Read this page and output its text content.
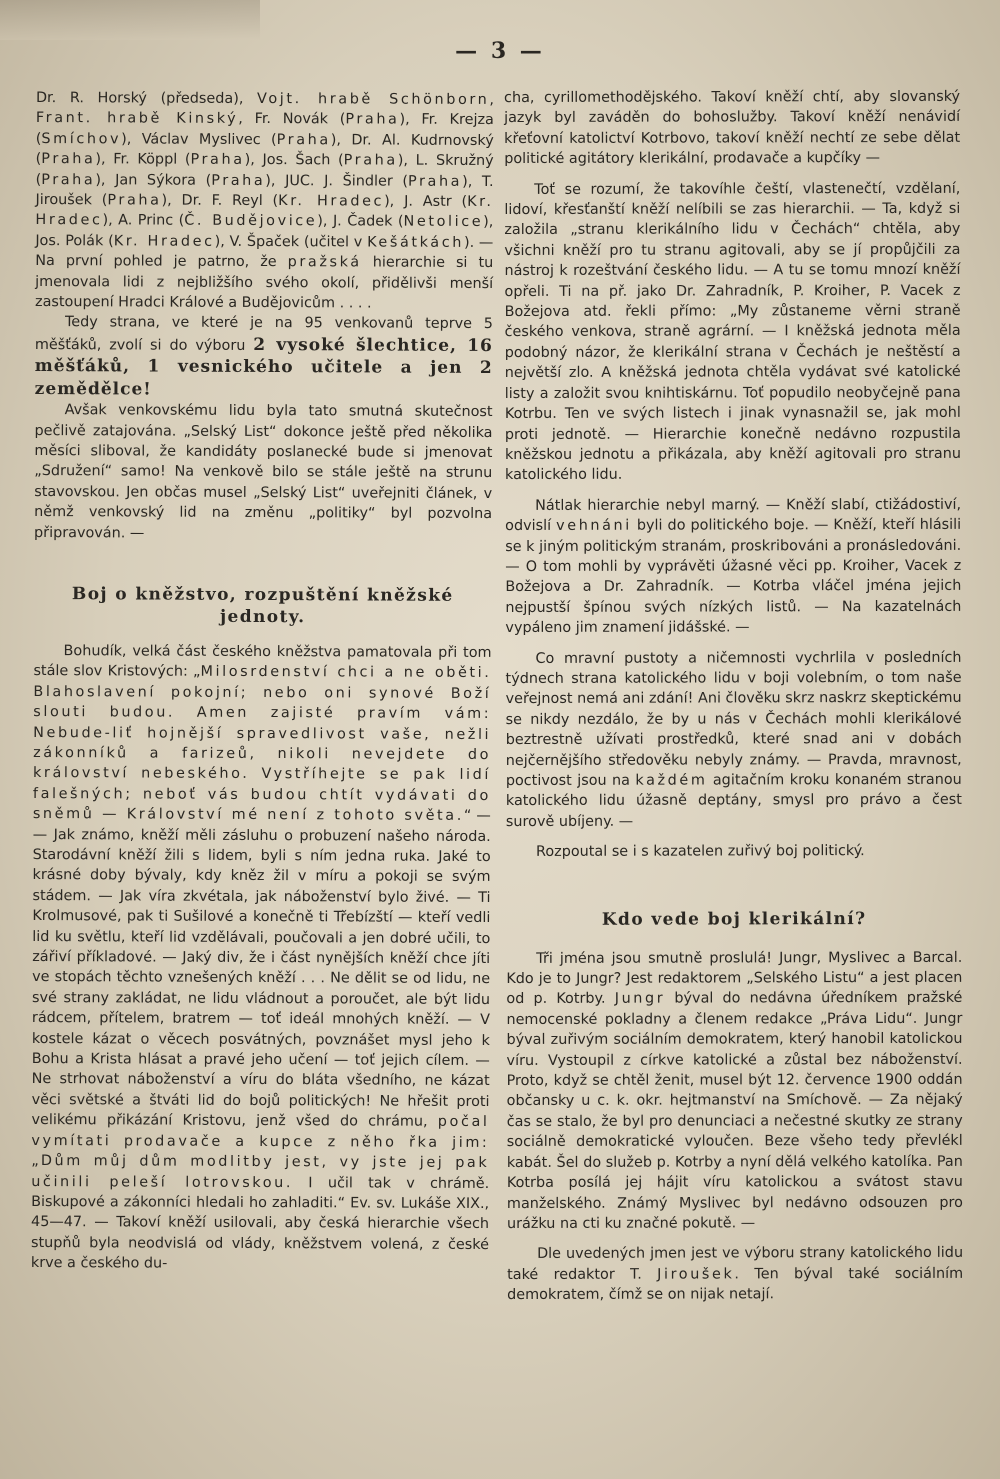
— 3 —

Dr. R. Horský (předseda), Vojt. hrabě Schönborn, Frant. hrabě Kinský, Fr. Novák (Praha), Fr. Krejza (Smíchov), Václav Myslivec (Praha), Dr. Al. Kudrnovský (Praha), Fr. Köppl (Praha), Jos. Šach (Praha), L. Skružný (Praha), Jan Sýkora (Praha), JUC. J. Šindler (Praha), T. Jiroušek (Praha), Dr. F. Reyl (Kr. Hradec), J. Astr (Kr. Hradec), A. Princ (Č. Budějovice), J. Čadek (Netolice), Jos. Polák (Kr. Hradec), V. Špaček (učitel v Kešátkách). — Na první pohled je patrno, že pražská hierarchie si tu jmenovala lidi z nejbližšího svého okolí, přidělivši menší zastoupení Hradci Králové a Budějovicům . . . .

Tedy strana, ve které je na 95 venkovanů teprve 5 měšťáků, zvolí si do výboru 2 vysoké šlechtice, 16 měšťáků, 1 vesnického učitele a jen 2 zemědělce!

Avšak venkovskému lidu byla tato smutná skutečnost pečlivě zatajována. „Selský List“ dokonce ještě před několika měsíci sliboval, že kandidáty poslanecké bude si jmenovat „Sdružení“ samo! Na venkově bilo se stále ještě na strunu stavovskou. Jen občas musel „Selský List“ uveřejniti článek, v němž venkovský lid na změnu „politiky“ byl pozvolna připravován. —

Boj o kněžstvo, rozpuštění kněžské jednoty.

Bohudík, velká část českého kněžstva pamatovala při tom stále slov Kristových: „Milosrdenství chci a ne oběti. Blahoslavení pokojní; nebo oni synové Boží slouti budou. Amen zajisté pravím vám: Nebude-liť hojnější spravedlivost vaše, nežli zákonníků a farizeů, nikoli nevejdete do království nebeského. Vystříhejte se pak lidí falešných; neboť vás budou chtít vydávati do sněmů — Království mé není z tohoto světa.“ — — Jak známo, kněží měli zásluhu o probuzení našeho národa. Starodávní kněží žili s lidem, byli s ním jedna ruka. Jaké to krásné doby bývaly, kdy kněz žil v míru a pokoji se svým stádem. — Jak víra zkvétala, jak náboženství bylo živé. — Ti Krolmusové, pak ti Sušilové a konečně ti Třebízští — kteří vedli lid ku světlu, kteří lid vzdělávali, poučovali a jen dobré učili, to zářiví příkladové. — Jaký div, že i část nynějších kněží chce jíti ve stopách těchto vznešených kněží . . . Ne dělit se od lidu, ne své strany zakládat, ne lidu vládnout a poroučet, ale být lidu rádcem, přítelem, bratrem — toť ideál mnohých kněží. — V kostele kázat o věcech posvátných, povznášet mysl jeho k Bohu a Krista hlásat a pravé jeho učení — toť jejich cílem. — Ne strhovat náboženství a víru do bláta všedního, ne kázat věci světské a štváti lid do bojů politických! Ne hřešit proti velikému přikázání Kristovu, jenž všed do chrámu, počal vymítati prodavače a kupce z něho řka jim: „Dům můj dům modlitby jest, vy jste jej pak učinili peleší lotrovskou. I učil tak v chrámě. Biskupové a zákonníci hledali ho zahladiti.“ Ev. sv. Lukáše XIX., 45—47. — Takoví kněží usilovali, aby česká hierarchie všech stupňů byla neodvislá od vlády, kněžstvem volená, z české krve a českého du-

cha, cyrillomethodějského. Takoví kněží chtí, aby slovanský jazyk byl zaváděn do bohoslužby. Takoví kněží nenávidí křeťovní katolictví Kotrbovo, takoví kněží nechtí ze sebe dělat politické agitátory klerikální, prodavače a kupčíky —

Toť se rozumí, že takovíhle čeští, vlastenečtí, vzdělaní, lidoví, křesťanští kněží nelíbili se zas hierarchii. — Ta, když si založila „stranu klerikálního lidu v Čechách“ chtěla, aby všichni kněží pro tu stranu agitovali, aby se jí propůjčili za nástroj k rozeštvání českého lidu. — A tu se tomu mnozí kněží opřeli. Ti na př. jako Dr. Zahradník, P. Kroiher, P. Vacek z Božejova atd. řekli přímo: „My zůstaneme věrni straně českého venkova, straně agrární. — I kněžská jednota měla podobný názor, že klerikální strana v Čechách je neštěstí a největší zlo. A kněžská jednota chtěla vydávat své katolické listy a založit svou knihtiskárnu. Toť popudilo neobyčejně pana Kotrbu. Ten ve svých listech i jinak vynasnažil se, jak mohl proti jednotě. — Hierarchie konečně nedávno rozpustila kněžskou jednotu a přikázala, aby kněží agitovali pro stranu katolického lidu.

Nátlak hierarchie nebyl marný. — Kněží slabí, ctižádostiví, odvislí vehnáni byli do politického boje. — Kněží, kteří hlásili se k jiným politickým stranám, proskribováni a pronásledováni. — O tom mohli by vyprávěti úžasné věci pp. Kroiher, Vacek z Božejova a Dr. Zahradník. — Kotrba vláčel jména jejich nejpustší špínou svých nízkých listů. — Na kazatelnách vypáleno jim znamení jidášské. —

Co mravní pustoty a ničemnosti vychrlila v posledních týdnech strana katolického lidu v boji volebním, o tom naše veřejnost nemá ani zdání! Ani člověku skrz naskrz skeptickému se nikdy nezdálo, že by u nás v Čechách mohli klerikálové beztrestně užívati prostředků, které snad ani v dobách nejčernějšího středověku nebyly známy. — Pravda, mravnost, poctivost jsou na každém agitačním kroku konaném stranou katolického lidu úžasně deptány, smysl pro právo a čest surově ubíjeny. —

Rozpoutal se i s kazatelen zuřivý boj politický.

Kdo vede boj klerikální?

Tři jména jsou smutně proslulá! Jungr, Myslivec a Barcal. Kdo je to Jungr? Jest redaktorem „Selského Listu“ a jest placen od p. Kotrby. Jungr býval do nedávna úředníkem pražské nemocenské pokladny a členem redakce „Práva Lidu“. Jungr býval zuřivým sociálním demokratem, který hanobil katolickou víru. Vystoupil z církve katolické a zůstal bez náboženství. Proto, když se chtěl ženit, musel být 12. července 1900 oddán občansky u c. k. okr. hejtmanství na Smíchově. — Za nějaký čas se stalo, že byl pro denunciaci a nečestné skutky ze strany sociálně demokratické vyloučen. Beze všeho tedy převlékl kabát. Šel do služeb p. Kotrby a nyní dělá velkého katolíka. Pan Kotrba posílá jej hájit víru katolickou a svátost stavu manželského. Známý Myslivec byl nedávno odsouzen pro urážku na cti ku značné pokutě. —

Dle uvedených jmen jest ve výboru strany katolického lidu také redaktor T. Jiroušek. Ten býval také sociálním demokratem, čímž se on nijak netají.
